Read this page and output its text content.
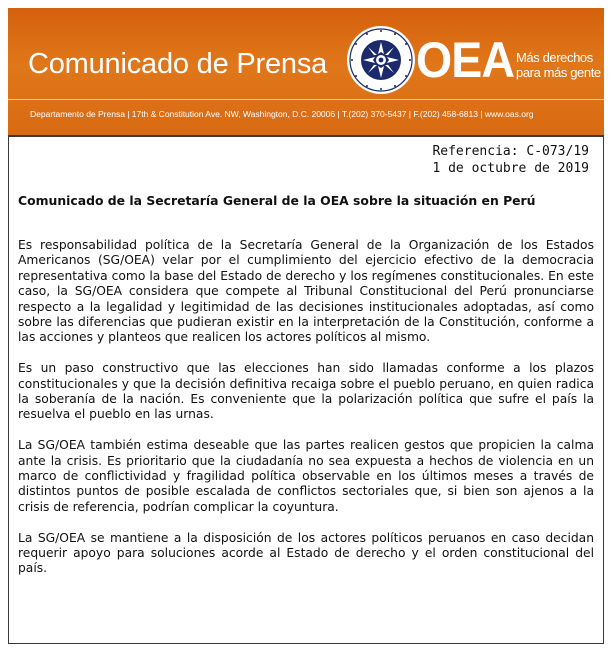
Comunicado de Prensa OEA Más derechos
para más gente
Departamento de Prensa | 17th & Constitution Ave. NW, Washington, D.C. 20006 | T.(202) 370-5437 | F.(202) 458-6813 | www.oas.org
Referencia: C-073/19
1 de octubre de 2019
Comunicado de la Secretaría General de la OEA sobre la situación en Perú

Es responsabilidad política de la Secretaría General de la Organización de los Estados Americanos (SG/OEA) velar por el cumplimiento del ejercicio efectivo de la democracia representativa como la base del Estado de derecho y los regímenes constitucionales. En este caso, la SG/OEA considera que compete al Tribunal Constitucional del Perú pronunciarse respecto a la legalidad y legitimidad de las decisiones institucionales adoptadas, así como sobre las diferencias que pudieran existir en la interpretación de la Constitución, conforme a las acciones y planteos que realicen los actores políticos al mismo.

Es un paso constructivo que las elecciones han sido llamadas conforme a los plazos constitucionales y que la decisión definitiva recaiga sobre el pueblo peruano, en quien radica la soberanía de la nación. Es conveniente que la polarización política que sufre el país la resuelva el pueblo en las urnas.

La SG/OEA también estima deseable que las partes realicen gestos que propicien la calma ante la crisis. Es prioritario que la ciudadanía no sea expuesta a hechos de violencia en un marco de conflictividad y fragilidad política observable en los últimos meses a través de distintos puntos de posible escalada de conflictos sectoriales que, si bien son ajenos a la crisis de referencia, podrían complicar la coyuntura.

La SG/OEA se mantiene a la disposición de los actores políticos peruanos en caso decidan requerir apoyo para soluciones acorde al Estado de derecho y el orden constitucional del país.
